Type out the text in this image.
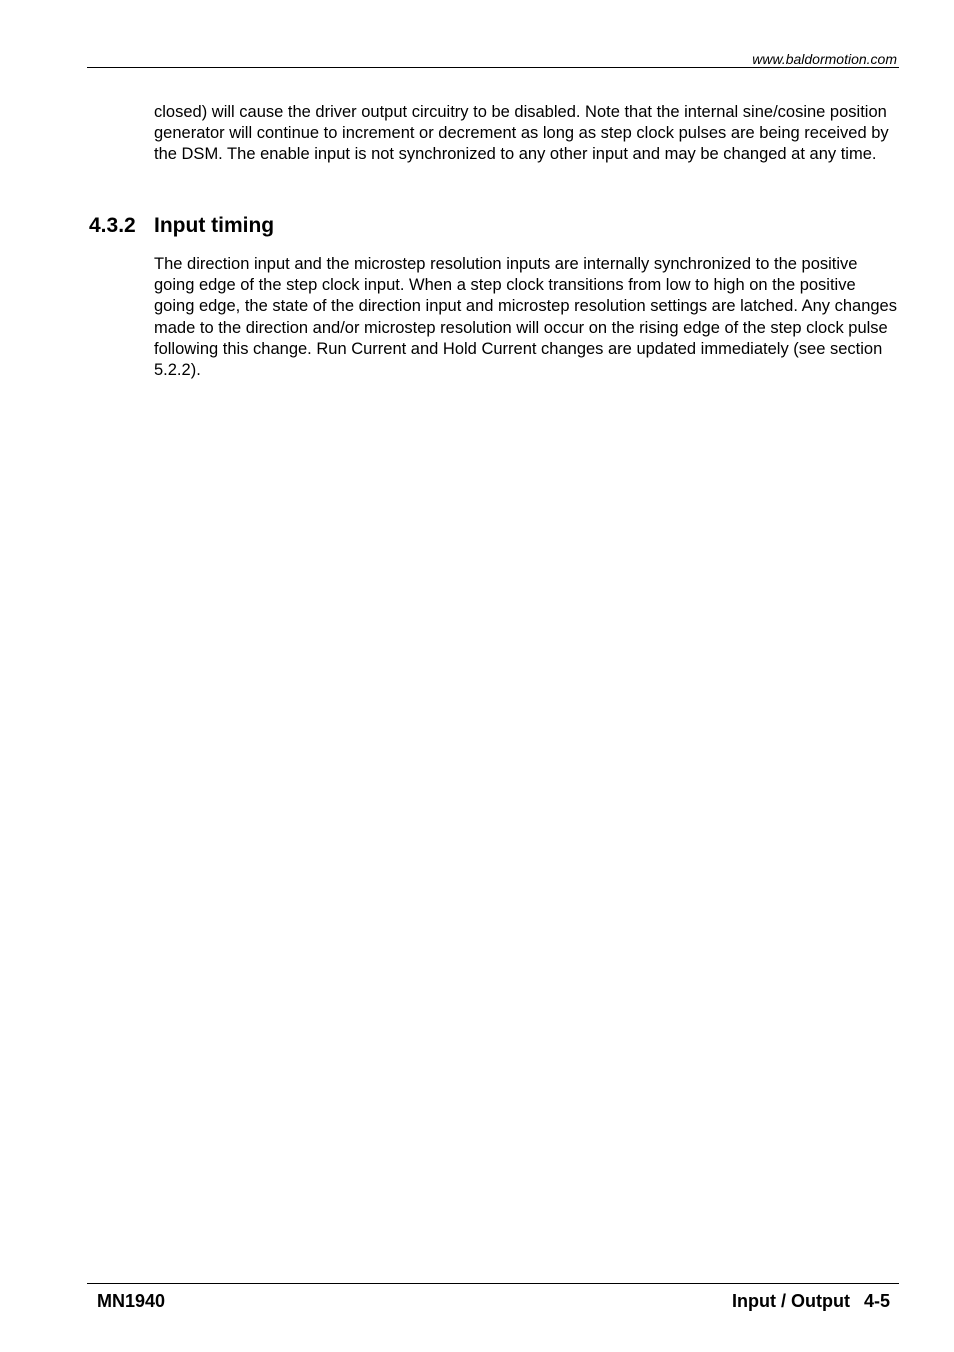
www.baldormotion.com

closed) will cause the driver output circuitry to be disabled. Note that the internal sine/cosine position generator will continue to increment or decrement as long as step clock pulses are being received by the DSM. The enable input is not synchronized to any other input and may be changed at any time.

4.3.2 Input timing

The direction input and the microstep resolution inputs are internally synchronized to the positive going edge of the step clock input. When a step clock transitions from low to high on the positive going edge, the state of the direction input and microstep resolution settings are latched. Any changes made to the direction and/or microstep resolution will occur on the rising edge of the step clock pulse following this change. Run Current and Hold Current changes are updated immediately (see section 5.2.2).

MN1940	Input / Output 4-5
